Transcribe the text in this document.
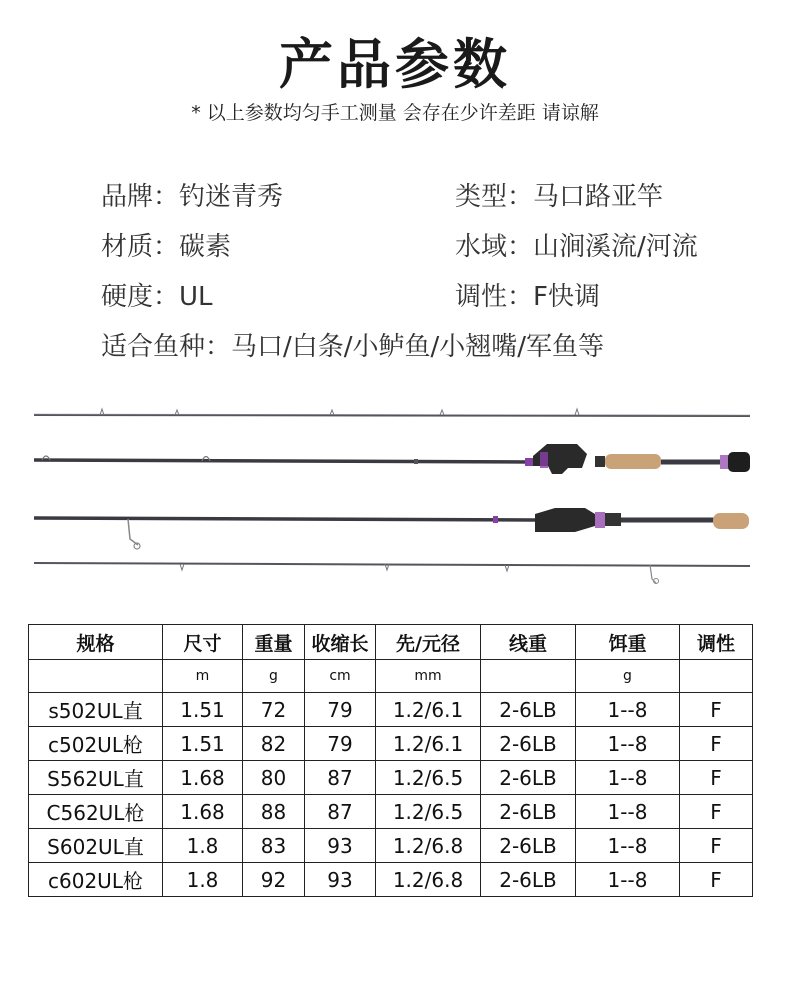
产品参数
* 以上参数均匀手工测量 会存在少许差距 请谅解
品牌：钓迷青秀	类型：马口路亚竿
材质：碳素	水域：山涧溪流/河流
硬度：UL	调性：F快调
适合鱼种：马口/白条/小鲈鱼/小翘嘴/军鱼等
规格	尺寸	重量	收缩长	先/元径	线重	饵重	调性
	m	g	cm	mm		g	
s502UL直	1.51	72	79	1.2/6.1	2-6LB	1--8	F
c502UL枪	1.51	82	79	1.2/6.1	2-6LB	1--8	F
S562UL直	1.68	80	87	1.2/6.5	2-6LB	1--8	F
C562UL枪	1.68	88	87	1.2/6.5	2-6LB	1--8	F
S602UL直	1.8	83	93	1.2/6.8	2-6LB	1--8	F
c602UL枪	1.8	92	93	1.2/6.8	2-6LB	1--8	F
